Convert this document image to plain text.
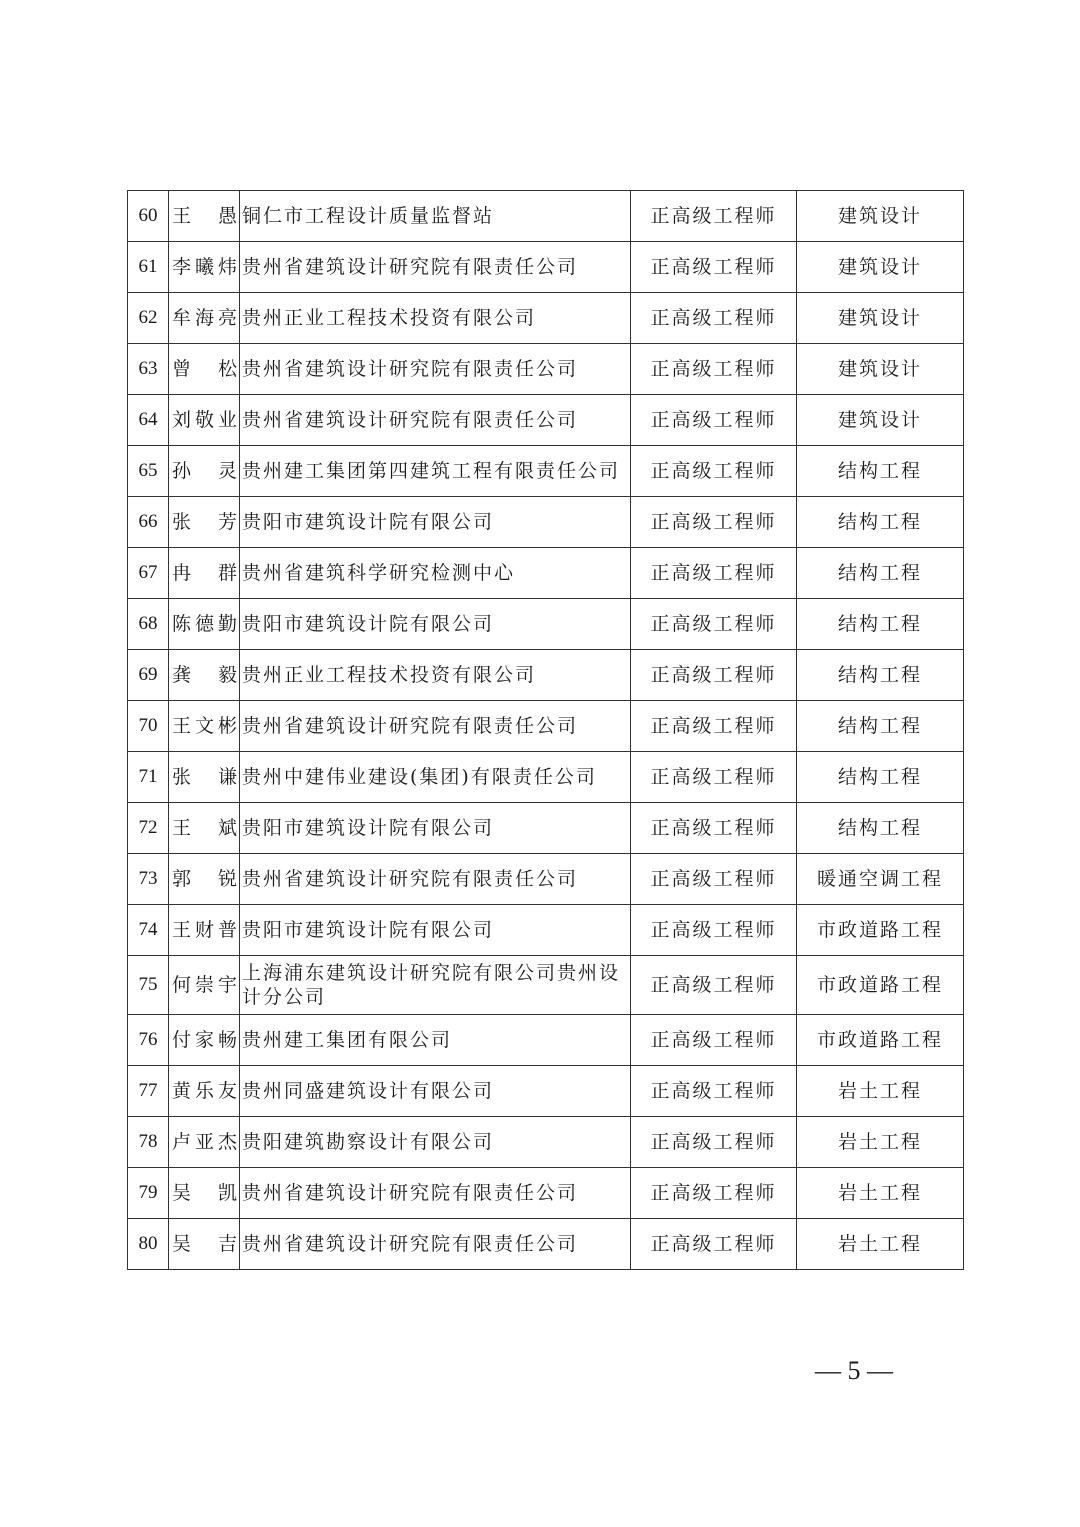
60	王　愚	铜仁市工程设计质量监督站	正高级工程师	建筑设计
61	李曦炜	贵州省建筑设计研究院有限责任公司	正高级工程师	建筑设计
62	牟海亮	贵州正业工程技术投资有限公司	正高级工程师	建筑设计
63	曾　松	贵州省建筑设计研究院有限责任公司	正高级工程师	建筑设计
64	刘敬业	贵州省建筑设计研究院有限责任公司	正高级工程师	建筑设计
65	孙　灵	贵州建工集团第四建筑工程有限责任公司	正高级工程师	结构工程
66	张　芳	贵阳市建筑设计院有限公司	正高级工程师	结构工程
67	冉　群	贵州省建筑科学研究检测中心	正高级工程师	结构工程
68	陈德勤	贵阳市建筑设计院有限公司	正高级工程师	结构工程
69	龚　毅	贵州正业工程技术投资有限公司	正高级工程师	结构工程
70	王文彬	贵州省建筑设计研究院有限责任公司	正高级工程师	结构工程
71	张　谦	贵州中建伟业建设(集团)有限责任公司	正高级工程师	结构工程
72	王　斌	贵阳市建筑设计院有限公司	正高级工程师	结构工程
73	郭　锐	贵州省建筑设计研究院有限责任公司	正高级工程师	暖通空调工程
74	王财普	贵阳市建筑设计院有限公司	正高级工程师	市政道路工程
75	何崇宇	上海浦东建筑设计研究院有限公司贵州设计分公司	正高级工程师	市政道路工程
76	付家畅	贵州建工集团有限公司	正高级工程师	市政道路工程
77	黄乐友	贵州同盛建筑设计有限公司	正高级工程师	岩土工程
78	卢亚杰	贵阳建筑勘察设计有限公司	正高级工程师	岩土工程
79	吴　凯	贵州省建筑设计研究院有限责任公司	正高级工程师	岩土工程
80	吴　吉	贵州省建筑设计研究院有限责任公司	正高级工程师	岩土工程
— 5 —
